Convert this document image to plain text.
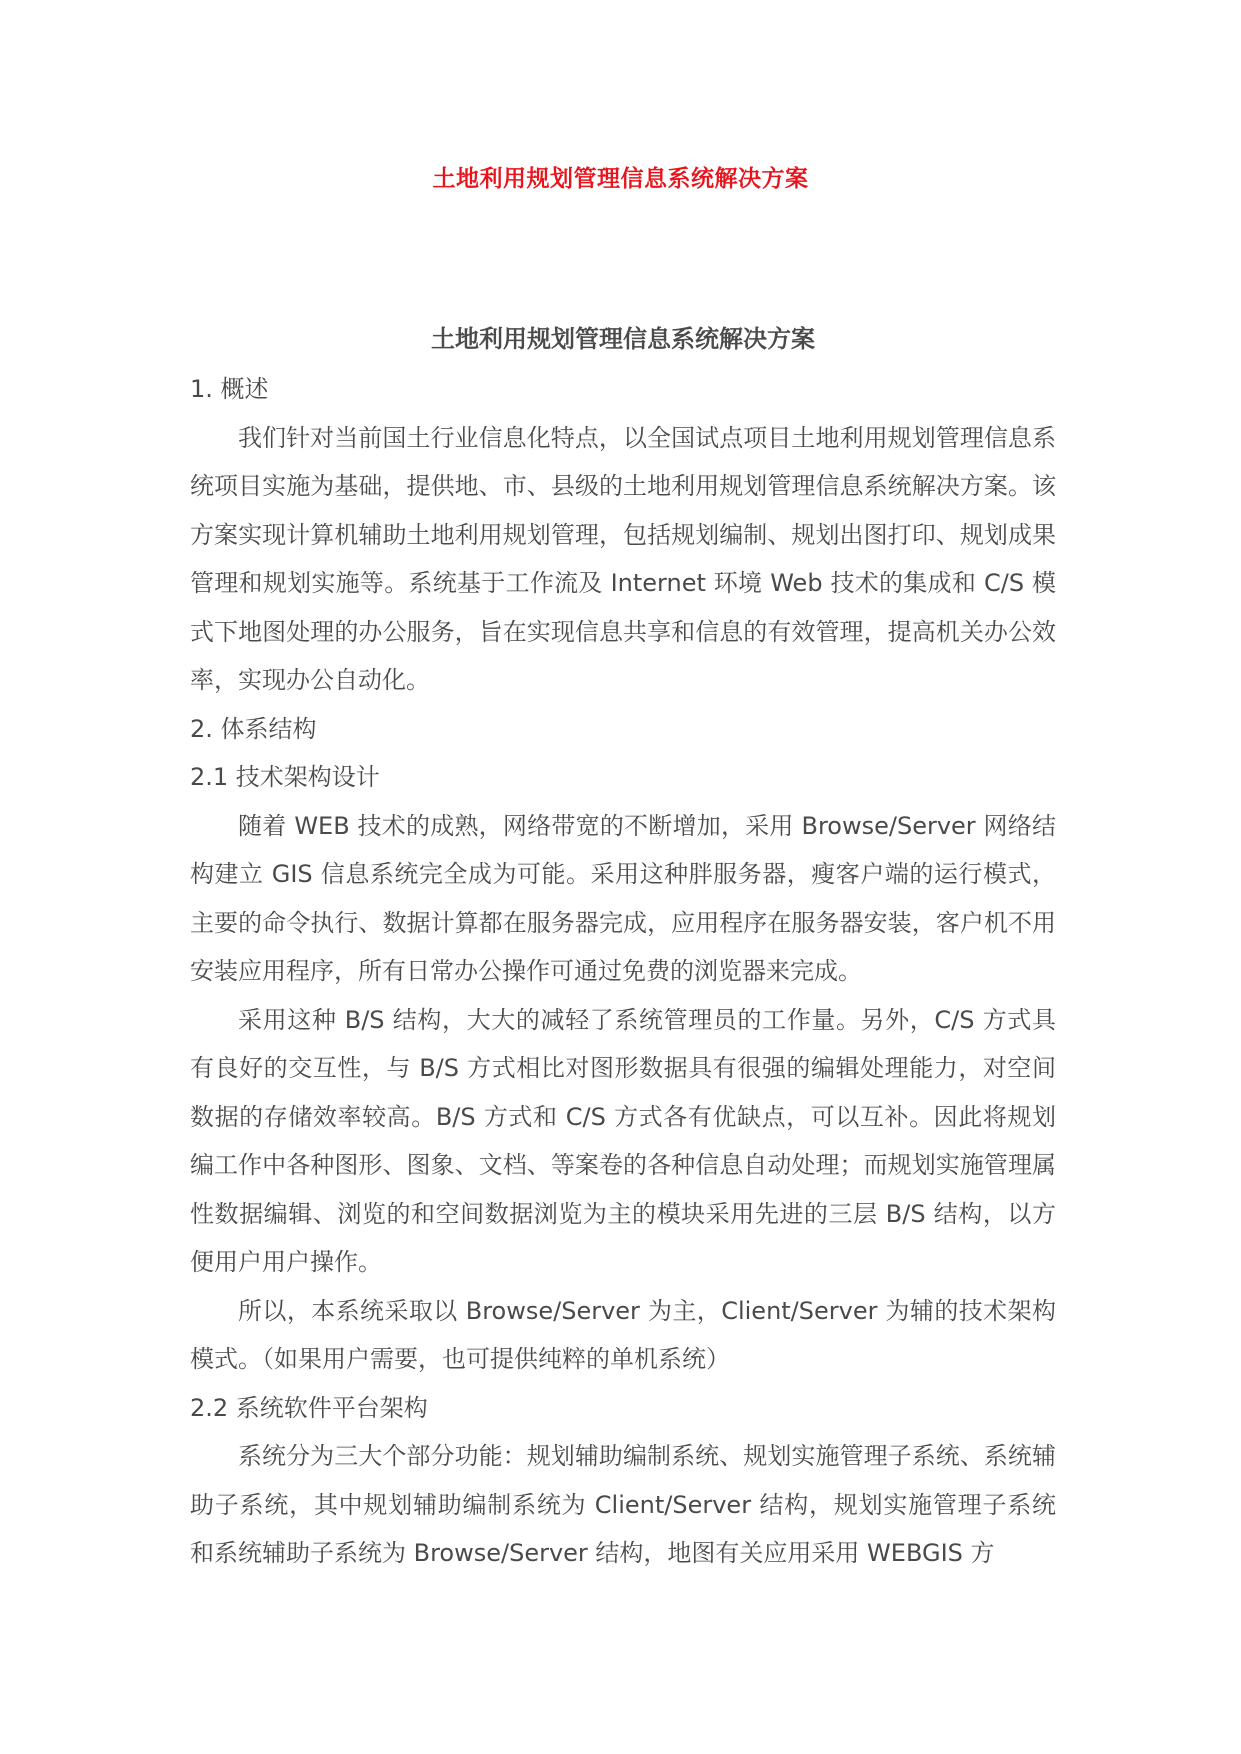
土地利用规划管理信息系统解决方案
土地利用规划管理信息系统解决方案

1. 概述

我们针对当前国土行业信息化特点，以全国试点项目土地利用规划管理信息系统项目实施为基础，提供地、市、县级的土地利用规划管理信息系统解决方案。该方案实现计算机辅助土地利用规划管理，包括规划编制、规划出图打印、规划成果管理和规划实施等。系统基于工作流及 Internet 环境 Web 技术的集成和 C/S 模式下地图处理的办公服务，旨在实现信息共享和信息的有效管理，提高机关办公效率，实现办公自动化。

2. 体系结构

2.1 技术架构设计

随着 WEB 技术的成熟，网络带宽的不断增加，采用 Browse/Server 网络结构建立 GIS 信息系统完全成为可能。采用这种胖服务器，瘦客户端的运行模式，主要的命令执行、数据计算都在服务器完成，应用程序在服务器安装，客户机不用安装应用程序，所有日常办公操作可通过免费的浏览器来完成。

采用这种 B/S 结构，大大的减轻了系统管理员的工作量。另外，C/S 方式具有良好的交互性，与 B/S 方式相比对图形数据具有很强的编辑处理能力，对空间数据的存储效率较高。B/S 方式和 C/S 方式各有优缺点，可以互补。因此将规划编工作中各种图形、图象、文档、等案卷的各种信息自动处理；而规划实施管理属性数据编辑、浏览的和空间数据浏览为主的模块采用先进的三层 B/S 结构，以方便用户用户操作。

所以，本系统采取以 Browse/Server 为主，Client/Server 为辅的技术架构模式。（如果用户需要，也可提供纯粹的单机系统）

2.2 系统软件平台架构

系统分为三大个部分功能：规划辅助编制系统、规划实施管理子系统、系统辅助子系统，其中规划辅助编制系统为 Client/Server 结构，规划实施管理子系统和系统辅助子系统为 Browse/Server 结构，地图有关应用采用 WEBGIS 方
